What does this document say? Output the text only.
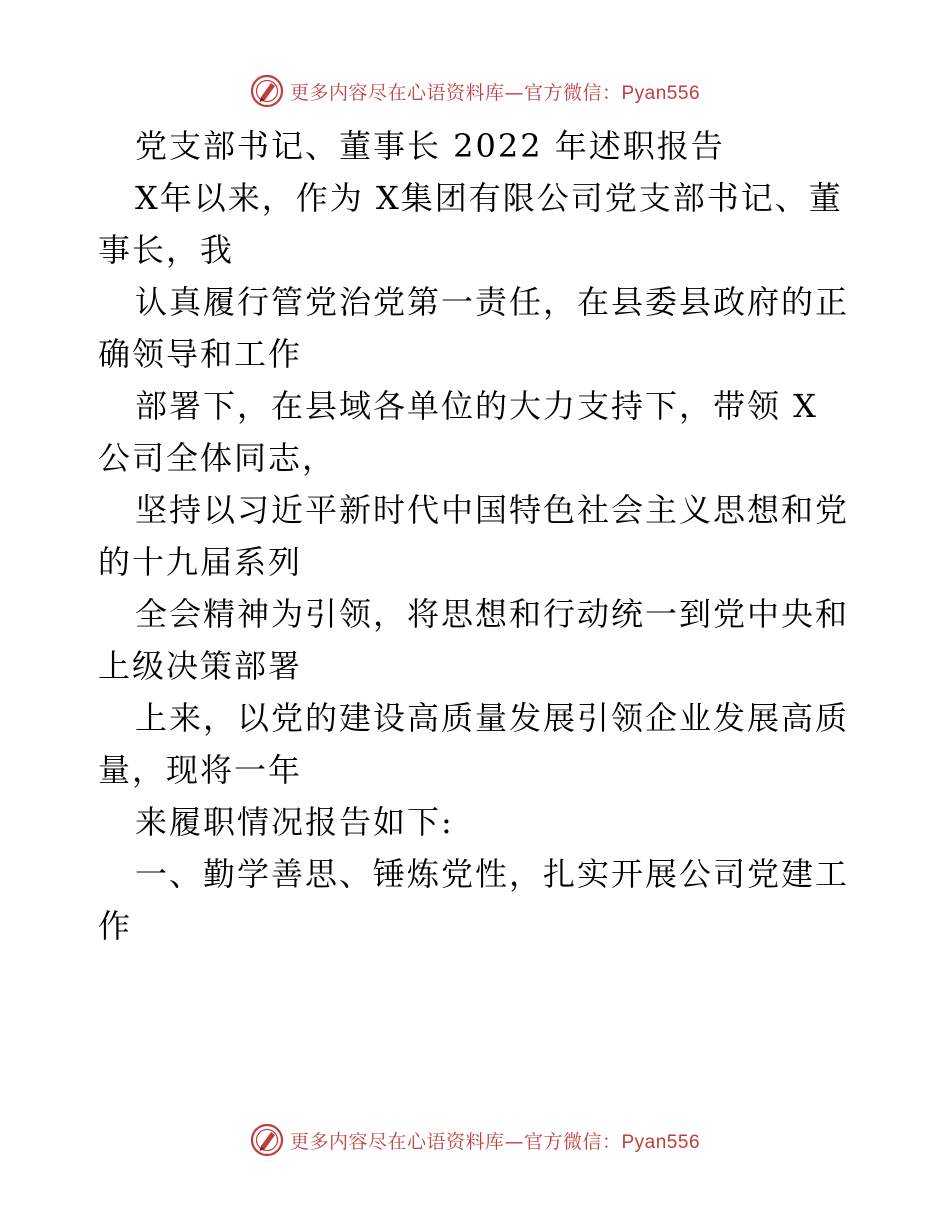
更多内容尽在心语资料库—官方微信：Pyan556
党支部书记、董事长 2022 年述职报告
X年以来，作为 X集团有限公司党支部书记、董
事长，我
认真履行管党治党第一责任，在县委县政府的正
确领导和工作
部署下，在县域各单位的大力支持下，带领 X
公司全体同志，
坚持以习近平新时代中国特色社会主义思想和党
的十九届系列
全会精神为引领，将思想和行动统一到党中央和
上级决策部署
上来，以党的建设高质量发展引领企业发展高质
量，现将一年
来履职情况报告如下:
一、勤学善思、锤炼党性，扎实开展公司党建工
作
更多内容尽在心语资料库—官方微信：Pyan556
